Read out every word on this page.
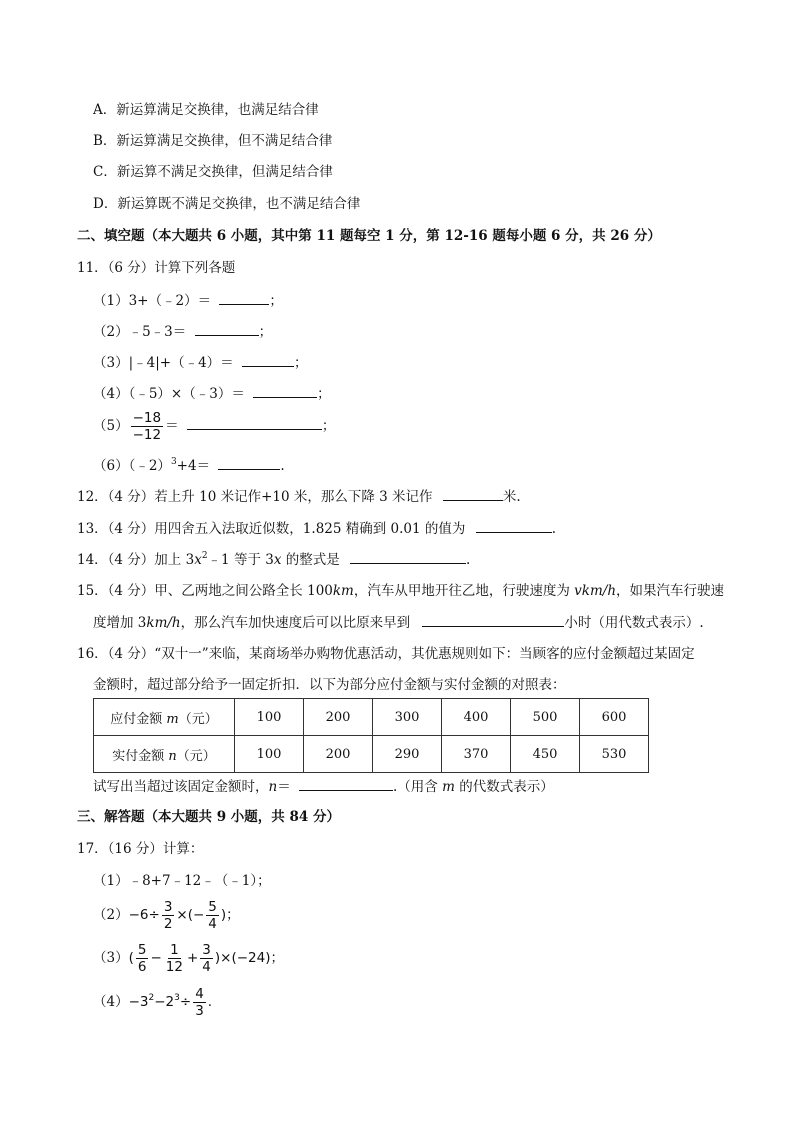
A．新运算满足交换律，也满足结合律
B．新运算满足交换律，但不满足结合律
C．新运算不满足交换律，但满足结合律
D．新运算既不满足交换律，也不满足结合律
二、填空题（本大题共 6 小题，其中第 11 题每空 1 分，第 12-16 题每小题 6 分，共 26 分）
11．（6 分）计算下列各题
（1）3+（﹣2）＝	；
（2）﹣5﹣3＝	；
（3）|﹣4|+（﹣4）＝	；
（4）（﹣5）×（﹣3）＝	；
$(5) \frac{-18}{-12}$ ＝	；
（6）（﹣2）$^3$+4＝	.
12．（4 分）若上升 10 米记作+10 米，那么下降 3 米记作	米.
13．（4 分）用四舍五入法取近似数，1.825 精确到 0.01 的值为	.
14．（4 分）加上 $3x^2﹣1$ 等于 3x 的整式是	.
15．（4 分）甲、乙两地之间公路全长 100km，汽车从甲地开往乙地，行驶速度为 vkm/h，如果汽车行驶速
度增加 3km/h，那么汽车加快速度后可以比原来早到	小时（用代数式表示）.
16．（4 分）“双十一”来临，某商场举办购物优惠活动，其优惠规则如下：当顾客的应付金额超过某固定
金额时，超过部分给予一固定折扣．以下为部分应付金额与实付金额的对照表：
应付金额 m（元）	100	200	300	400	500	600
实付金额 n（元）	100	200	290	370	450	530
试写出当超过该固定金额时，n＝	.（用含 m 的代数式表示）
三、解答题（本大题共 9 小题，共 84 分）
17．（16 分）计算：
（1）﹣8+7﹣12﹣（﹣1）；
$(2)-6\div \frac{3}{2}$ ×(− $\frac{5}{4}$ )；
$(3)( \frac{5}{6} - \frac{1}{12} + \frac{3}{4} )\times(-24)$；
$(4)-3^2-2^3\div \frac{4}{3}$ .
